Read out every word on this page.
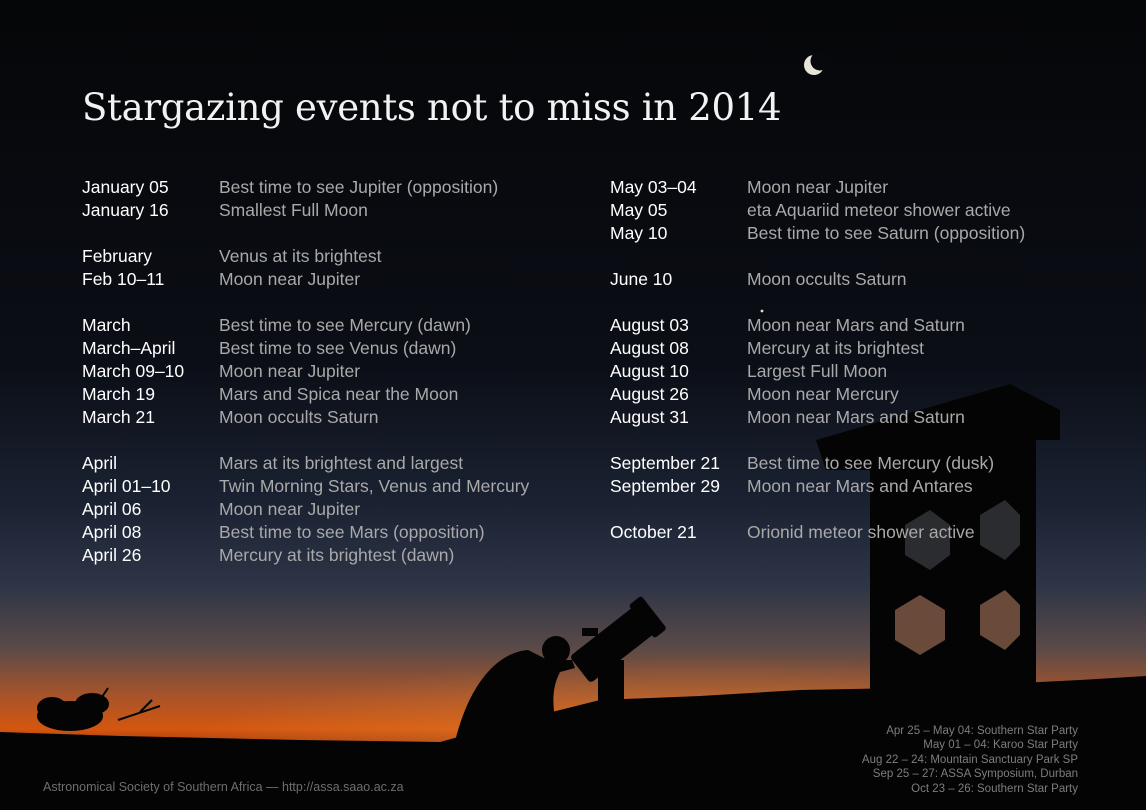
Stargazing events not to miss in 2014
January 05	Best time to see Jupiter (opposition)
January 16	Smallest Full Moon
February	Venus at its brightest
Feb 10–11	Moon near Jupiter
March	Best time to see Mercury (dawn)
March–April	Best time to see Venus (dawn)
March 09–10	Moon near Jupiter
March 19	Mars and Spica near the Moon
March 21	Moon occults Saturn
April	Mars at its brightest and largest
April 01–10	Twin Morning Stars, Venus and Mercury
April 06	Moon near Jupiter
April 08	Best time to see Mars (opposition)
April 26	Mercury at its brightest (dawn)
May 03–04	Moon near Jupiter
May 05	eta Aquariid meteor shower active
May 10	Best time to see Saturn (opposition)
June 10	Moon occults Saturn
August 03	Moon near Mars and Saturn
August 08	Mercury at its brightest
August 10	Largest Full Moon
August 26	Moon near Mercury
August 31	Moon near Mars and Saturn
September 21	Best time to see Mercury (dusk)
September 29	Moon near Mars and Antares
October 21	Orionid meteor shower active
Apr 25 – May 04: Southern Star Party
May 01 – 04: Karoo Star Party
Aug 22 – 24: Mountain Sanctuary Park SP
Sep 25 – 27: ASSA Symposium, Durban
Oct 23 – 26: Southern Star Party
Astronomical Society of Southern Africa — http://assa.saao.ac.za
